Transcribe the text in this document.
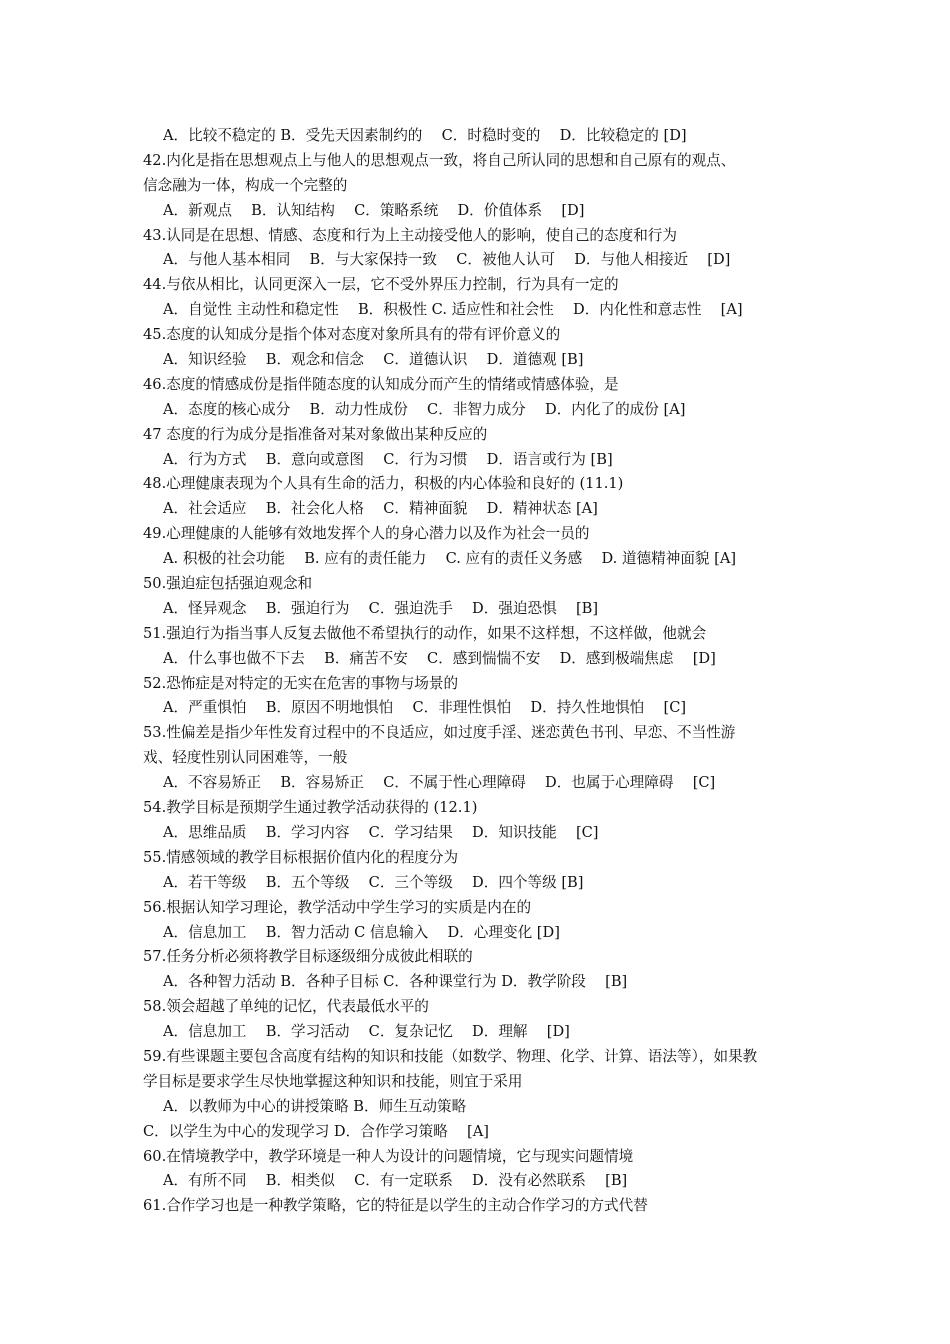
A．比较不稳定的 B．受先天因素制约的　 C．时稳时变的　 D．比较稳定的 [D]
42.内化是指在思想观点上与他人的思想观点一致，将自己所认同的思想和自己原有的观点、
信念融为一体，构成一个完整的
A．新观点　 B．认知结构　 C．策略系统　 D．价值体系　 [D]
43.认同是在思想、情感、态度和行为上主动接受他人的影响，使自己的态度和行为
A．与他人基本相同　 B．与大家保持一致　 C．被他人认可　 D．与他人相接近　 [D]
44.与依从相比，认同更深入一层，它不受外界压力控制，行为具有一定的
A．自觉性 主动性和稳定性　 B．积极性 C. 适应性和社会性　 D．内化性和意志性　 [A]
45.态度的认知成分是指个体对态度对象所具有的带有评价意义的
A．知识经验　 B．观念和信念　 C．道德认识　 D．道德观 [B]
46.态度的情感成份是指伴随态度的认知成分而产生的情绪或情感体验，是
A．态度的核心成分　 B．动力性成份　 C．非智力成分　 D．内化了的成份 [A]
47 态度的行为成分是指准备对某对象做出某种反应的
A．行为方式　 B．意向或意图　 C．行为习惯　 D．语言或行为 [B]
48.心理健康表现为个人具有生命的活力，积极的内心体验和良好的 (11.1)
A．社会适应　 B．社会化人格　 C．精神面貌　 D．精神状态 [A]
49.心理健康的人能够有效地发挥个人的身心潜力以及作为社会一员的
A. 积极的社会功能　 B. 应有的责任能力　 C. 应有的责任义务感　 D. 道德精神面貌 [A]
50.强迫症包括强迫观念和
A．怪异观念　 B．强迫行为　 C．强迫洗手　 D．强迫恐惧　 [B]
51.强迫行为指当事人反复去做他不希望执行的动作，如果不这样想，不这样做，他就会
A．什么事也做不下去　 B．痛苦不安　 C．感到惴惴不安　 D．感到极端焦虑　 [D]
52.恐怖症是对特定的无实在危害的事物与场景的
A．严重惧怕　 B．原因不明地惧怕　 C．非理性惧怕　 D．持久性地惧怕　 [C]
53.性偏差是指少年性发育过程中的不良适应，如过度手淫、迷恋黄色书刊、早恋、不当性游
戏、轻度性别认同困难等，一般
A．不容易矫正　 B．容易矫正　 C．不属于性心理障碍　 D．也属于心理障碍　 [C]
54.教学目标是预期学生通过教学活动获得的 (12.1)
A．思维品质　 B．学习内容　 C．学习结果　 D．知识技能　 [C]
55.情感领域的教学目标根据价值内化的程度分为
A．若干等级　 B．五个等级　 C．三个等级　 D．四个等级 [B]
56.根据认知学习理论，教学活动中学生学习的实质是内在的
A．信息加工　 B．智力活动 C 信息输入　 D．心理变化 [D]
57.任务分析必须将教学目标逐级细分成彼此相联的
A．各种智力活动 B．各种子目标 C．各种课堂行为 D．教学阶段　 [B]
58.领会超越了单纯的记忆，代表最低水平的
A．信息加工　 B．学习活动　 C．复杂记忆　 D．理解　 [D]
59.有些课题主要包含高度有结构的知识和技能（如数学、物理、化学、计算、语法等），如果教
学目标是要求学生尽快地掌握这种知识和技能，则宜于采用
A．以教师为中心的讲授策略 B．师生互动策略
C．以学生为中心的发现学习 D．合作学习策略　 [A]
60.在情境教学中，教学环境是一种人为设计的问题情境，它与现实问题情境
A．有所不同　 B．相类似　 C．有一定联系　 D．没有必然联系　 [B]
61.合作学习也是一种教学策略，它的特征是以学生的主动合作学习的方式代替
